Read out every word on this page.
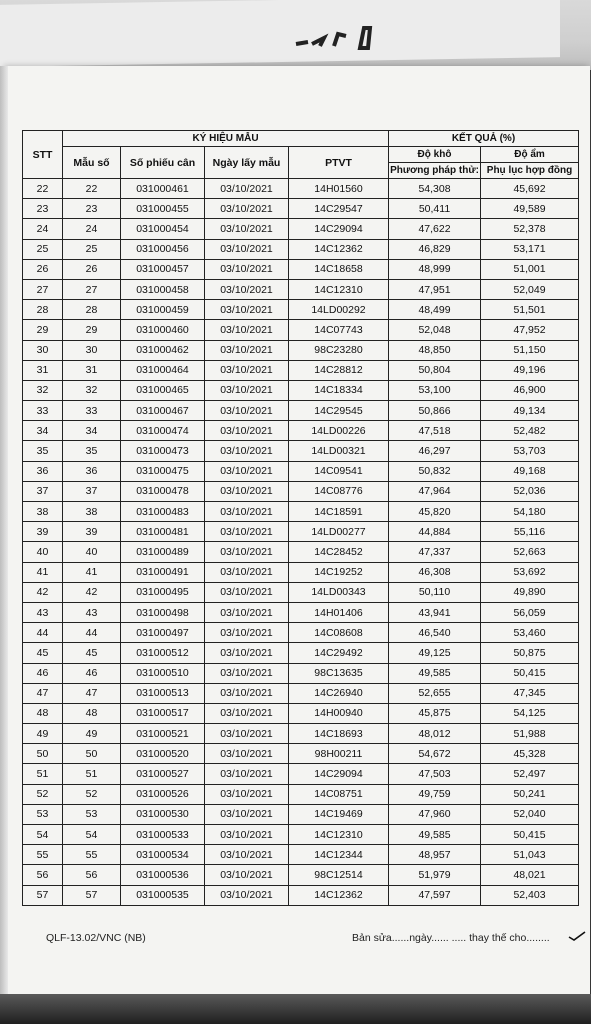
STT	KÝ HIỆU MẪU				KẾT QUẢ (%)	
	Mẫu số	Số phiếu cân	Ngày lấy mẫu	PTVT	Độ khô	Độ ẩm
					Phương pháp thử:	Phụ lục hợp đồng
22	22	031000461	03/10/2021	14H01560	54,308	45,692
23	23	031000455	03/10/2021	14C29547	50,411	49,589
24	24	031000454	03/10/2021	14C29094	47,622	52,378
25	25	031000456	03/10/2021	14C12362	46,829	53,171
26	26	031000457	03/10/2021	14C18658	48,999	51,001
27	27	031000458	03/10/2021	14C12310	47,951	52,049
28	28	031000459	03/10/2021	14LD00292	48,499	51,501
29	29	031000460	03/10/2021	14C07743	52,048	47,952
30	30	031000462	03/10/2021	98C23280	48,850	51,150
31	31	031000464	03/10/2021	14C28812	50,804	49,196
32	32	031000465	03/10/2021	14C18334	53,100	46,900
33	33	031000467	03/10/2021	14C29545	50,866	49,134
34	34	031000474	03/10/2021	14LD00226	47,518	52,482
35	35	031000473	03/10/2021	14LD00321	46,297	53,703
36	36	031000475	03/10/2021	14C09541	50,832	49,168
37	37	031000478	03/10/2021	14C08776	47,964	52,036
38	38	031000483	03/10/2021	14C18591	45,820	54,180
39	39	031000481	03/10/2021	14LD00277	44,884	55,116
40	40	031000489	03/10/2021	14C28452	47,337	52,663
41	41	031000491	03/10/2021	14C19252	46,308	53,692
42	42	031000495	03/10/2021	14LD00343	50,110	49,890
43	43	031000498	03/10/2021	14H01406	43,941	56,059
44	44	031000497	03/10/2021	14C08608	46,540	53,460
45	45	031000512	03/10/2021	14C29492	49,125	50,875
46	46	031000510	03/10/2021	98C13635	49,585	50,415
47	47	031000513	03/10/2021	14C26940	52,655	47,345
48	48	031000517	03/10/2021	14H00940	45,875	54,125
49	49	031000521	03/10/2021	14C18693	48,012	51,988
50	50	031000520	03/10/2021	98H00211	54,672	45,328
51	51	031000527	03/10/2021	14C29094	47,503	52,497
52	52	031000526	03/10/2021	14C08751	49,759	50,241
53	53	031000530	03/10/2021	14C19469	47,960	52,040
54	54	031000533	03/10/2021	14C12310	49,585	50,415
55	55	031000534	03/10/2021	14C12344	48,957	51,043
56	56	031000536	03/10/2021	98C12514	51,979	48,021
57	57	031000535	03/10/2021	14C12362	47,597	52,403
QLF-13.02/VNC (NB)	Bản sửa......ngày...... ..... thay thế cho........
